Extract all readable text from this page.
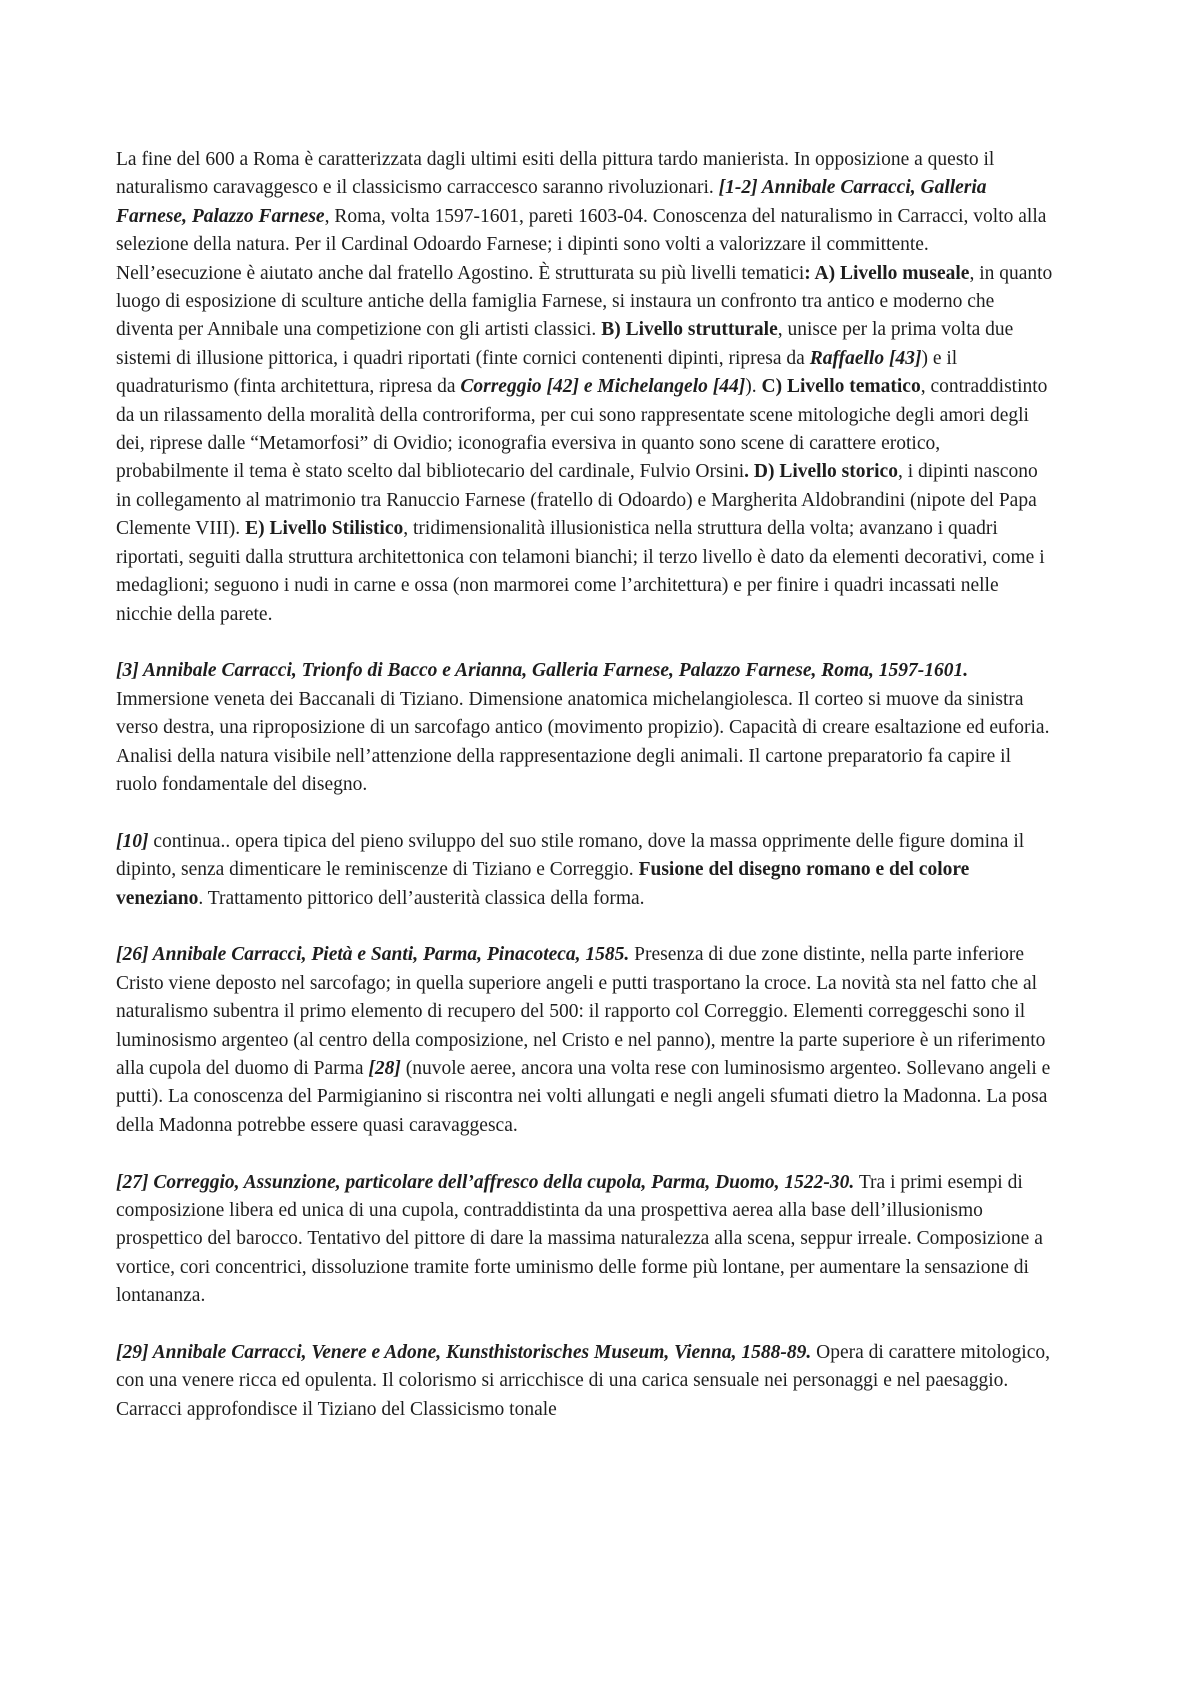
La fine del 600 a Roma è caratterizzata dagli ultimi esiti della pittura tardo manierista. In opposizione a questo il naturalismo caravaggesco e il classicismo carraccesco saranno rivoluzionari. [1-2] Annibale Carracci, Galleria Farnese, Palazzo Farnese, Roma, volta 1597-1601, pareti 1603-04. Conoscenza del naturalismo in Carracci, volto alla selezione della natura. Per il Cardinal Odoardo Farnese; i dipinti sono volti a valorizzare il committente. Nell’esecuzione è aiutato anche dal fratello Agostino. È strutturata su più livelli tematici: A) Livello museale, in quanto luogo di esposizione di sculture antiche della famiglia Farnese, si instaura un confronto tra antico e moderno che diventa per Annibale una competizione con gli artisti classici. B) Livello strutturale, unisce per la prima volta due sistemi di illusione pittorica, i quadri riportati (finte cornici contenenti dipinti, ripresa da Raffaello [43]) e il quadraturismo (finta architettura, ripresa da Correggio [42] e Michelangelo [44]). C) Livello tematico, contraddistinto da un rilassamento della moralità della controriforma, per cui sono rappresentate scene mitologiche degli amori degli dei, riprese dalle “Metamorfosi” di Ovidio; iconografia eversiva in quanto sono scene di carattere erotico, probabilmente il tema è stato scelto dal bibliotecario del cardinale, Fulvio Orsini. D) Livello storico, i dipinti nascono in collegamento al matrimonio tra Ranuccio Farnese (fratello di Odoardo) e Margherita Aldobrandini (nipote del Papa Clemente VIII). E) Livello Stilistico, tridimensionalità illusionistica nella struttura della volta; avanzano i quadri riportati, seguiti dalla struttura architettonica con telamoni bianchi; il terzo livello è dato da elementi decorativi, come i medaglioni; seguono i nudi in carne e ossa (non marmorei come l’architettura) e per finire i quadri incassati nelle nicchie della parete.

[3] Annibale Carracci, Trionfo di Bacco e Arianna, Galleria Farnese, Palazzo Farnese, Roma, 1597-1601. Immersione veneta dei Baccanali di Tiziano. Dimensione anatomica michelangiolesca. Il corteo si muove da sinistra verso destra, una riproposizione di un sarcofago antico (movimento propizio). Capacità di creare esaltazione ed euforia. Analisi della natura visibile nell’attenzione della rappresentazione degli animali. Il cartone preparatorio fa capire il ruolo fondamentale del disegno.

[10] continua.. opera tipica del pieno sviluppo del suo stile romano, dove la massa opprimente delle figure domina il dipinto, senza dimenticare le reminiscenze di Tiziano e Correggio. Fusione del disegno romano e del colore veneziano. Trattamento pittorico dell’austerità classica della forma.

[26] Annibale Carracci, Pietà e Santi, Parma, Pinacoteca, 1585. Presenza di due zone distinte, nella parte inferiore Cristo viene deposto nel sarcofago; in quella superiore angeli e putti trasportano la croce. La novità sta nel fatto che al naturalismo subentra il primo elemento di recupero del 500: il rapporto col Correggio. Elementi correggeschi sono il luminosismo argenteo (al centro della composizione, nel Cristo e nel panno), mentre la parte superiore è un riferimento alla cupola del duomo di Parma [28] (nuvole aeree, ancora una volta rese con luminosismo argenteo. Sollevano angeli e putti). La conoscenza del Parmigianino si riscontra nei volti allungati e negli angeli sfumati dietro la Madonna. La posa della Madonna potrebbe essere quasi caravaggesca.

[27] Correggio, Assunzione, particolare dell’affresco della cupola, Parma, Duomo, 1522-30. Tra i primi esempi di composizione libera ed unica di una cupola, contraddistinta da una prospettiva aerea alla base dell’illusionismo prospettico del barocco. Tentativo del pittore di dare la massima naturalezza alla scena, seppur irreale. Composizione a vortice, cori concentrici, dissoluzione tramite forte uminismo delle forme più lontane, per aumentare la sensazione di lontananza.

[29] Annibale Carracci, Venere e Adone, Kunsthistorisches Museum, Vienna, 1588-89. Opera di carattere mitologico, con una venere ricca ed opulenta. Il colorismo si arricchisce di una carica sensuale nei personaggi e nel paesaggio. Carracci approfondisce il Tiziano del Classicismo tonale
